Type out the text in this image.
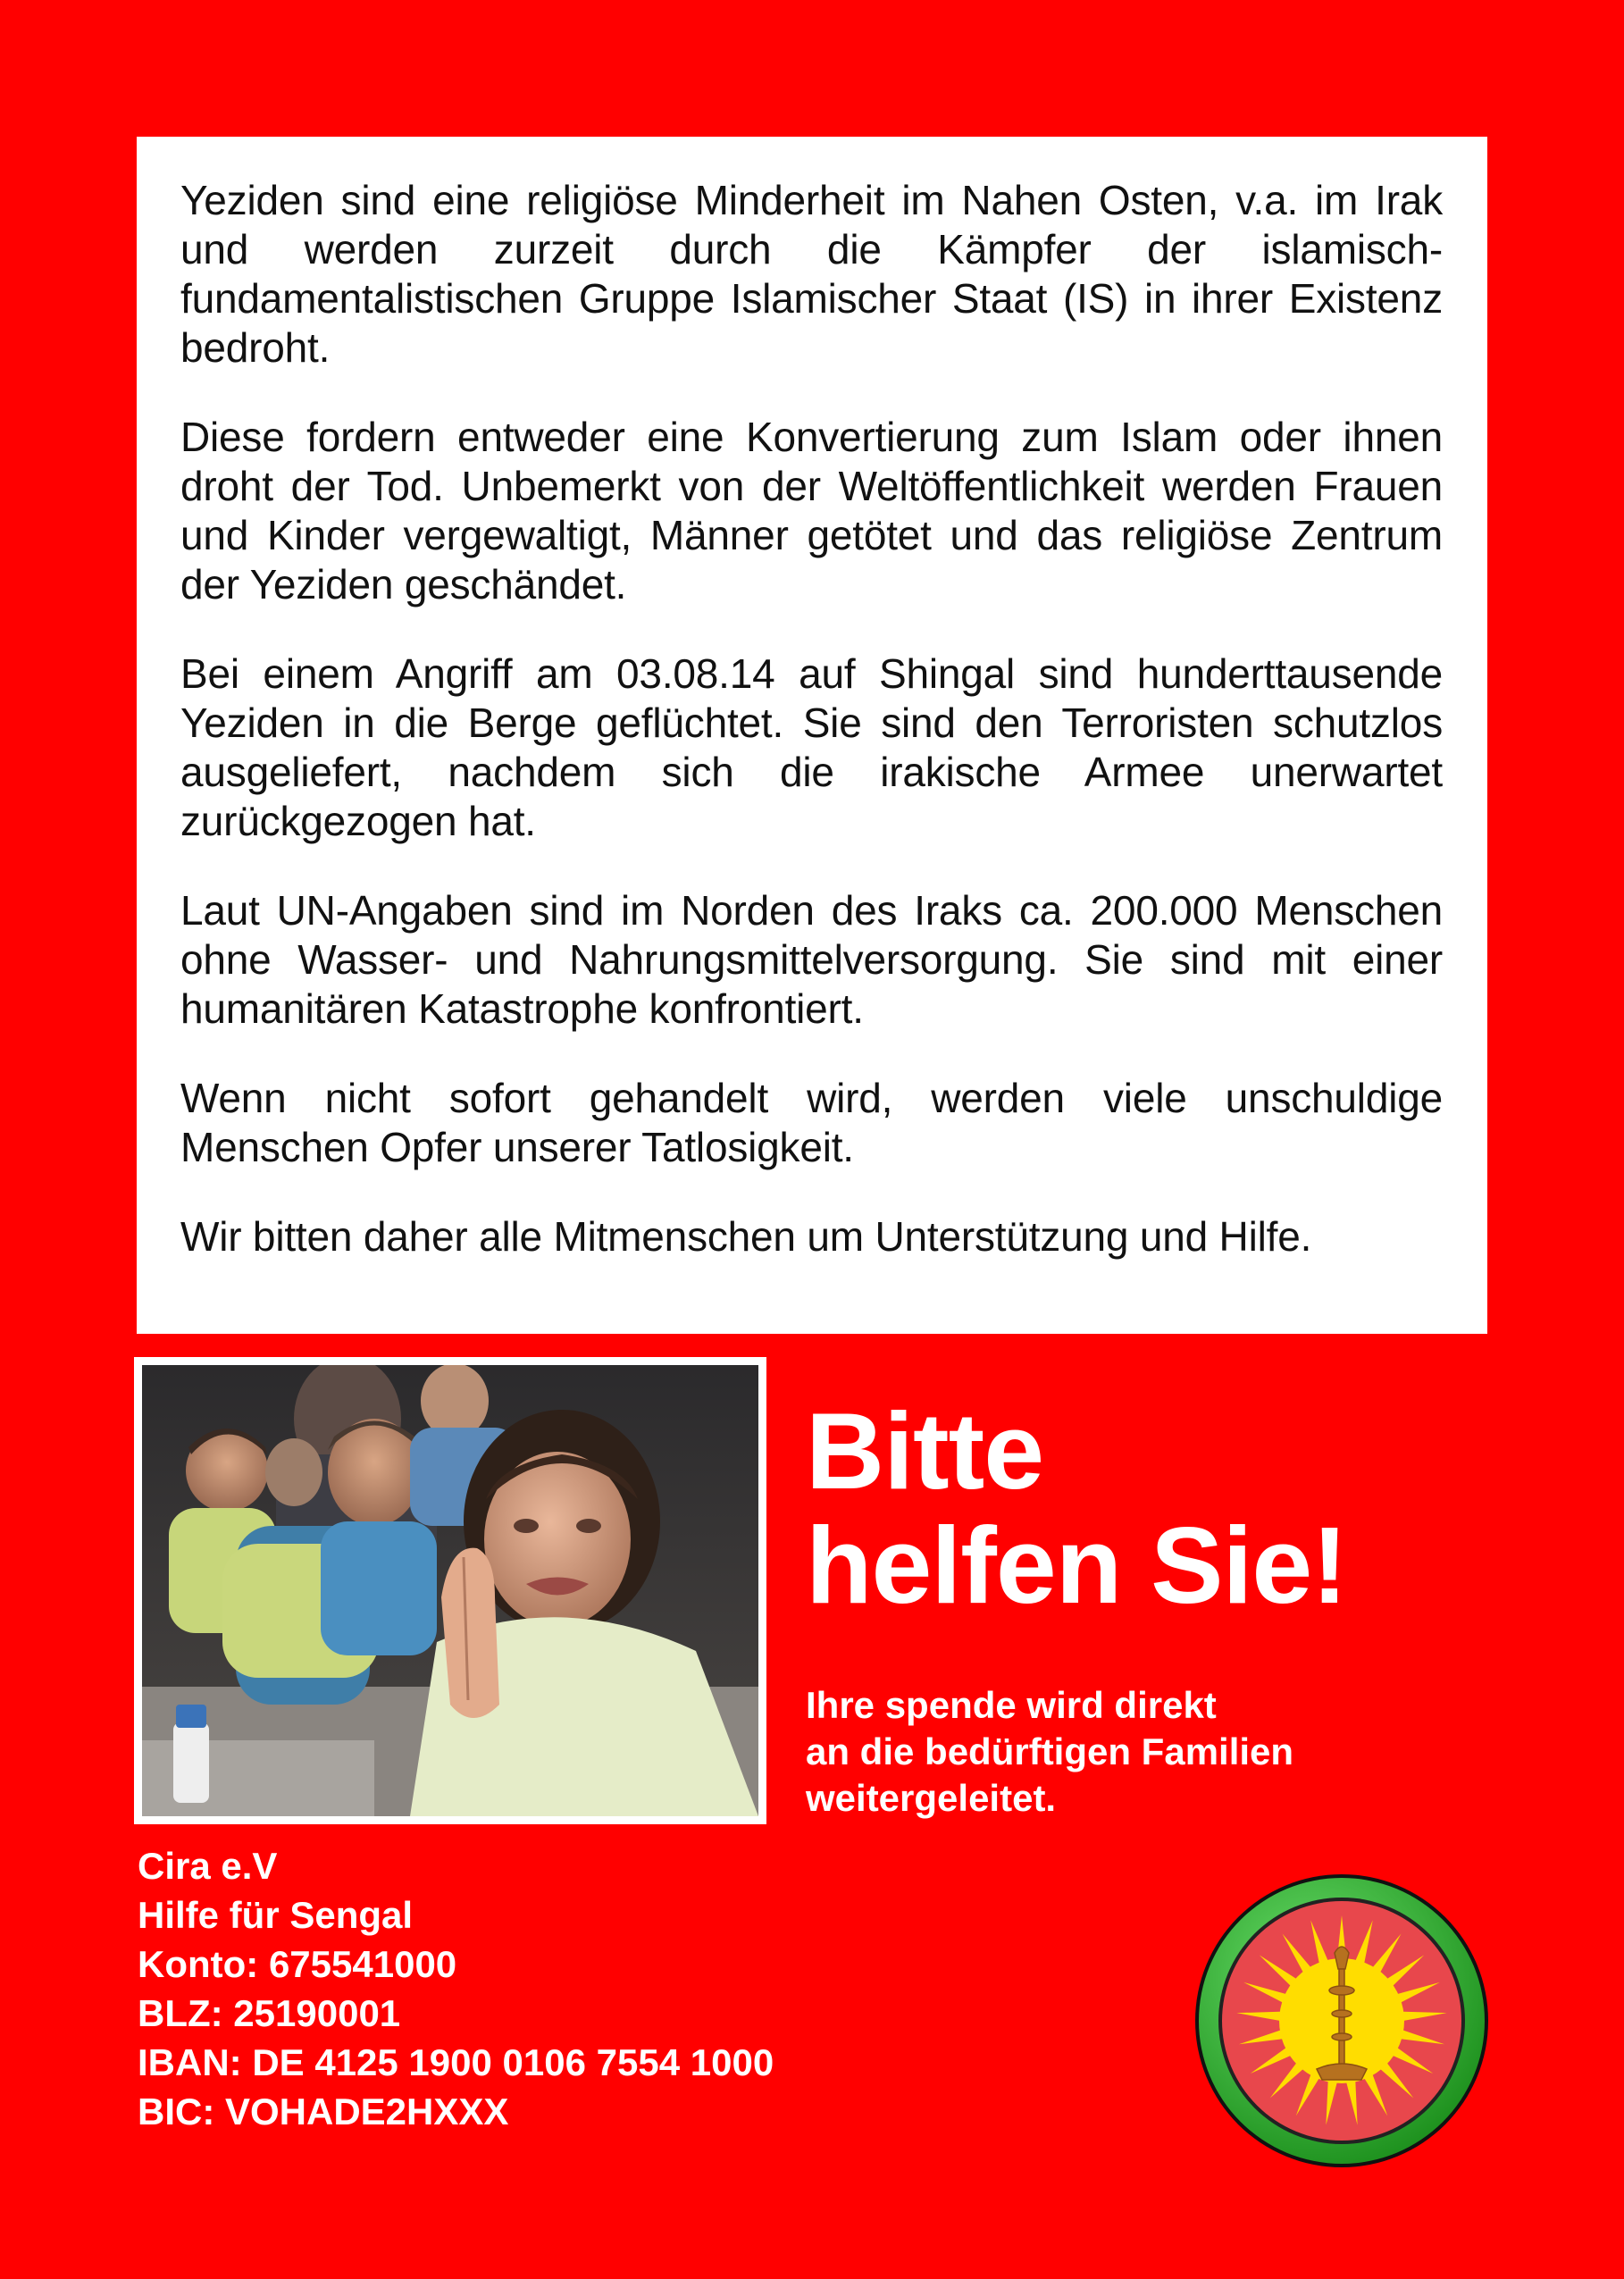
Yeziden sind eine religiöse Minderheit im Nahen Osten, v.a. im Irak und werden zurzeit durch die Kämpfer der islamisch-fundamentalistischen Gruppe Islamischer Staat (IS) in ihrer Existenz bedroht.

Diese fordern entweder eine Konvertierung zum Islam oder ihnen droht der Tod. Unbemerkt von der Weltöffentlichkeit werden Frauen und Kinder vergewaltigt, Männer getötet und das religiöse Zentrum der Yeziden geschändet.

Bei einem Angriff am 03.08.14 auf Shingal sind hunderttausende Yeziden in die Berge geflüchtet. Sie sind den Terroristen schutzlos ausgeliefert, nachdem sich die irakische Armee unerwartet zurückgezogen hat.

Laut UN-Angaben sind im Norden des Iraks ca. 200.000 Menschen ohne Wasser- und Nahrungsmittelversorgung. Sie sind mit einer humanitären Katastrophe konfrontiert.

Wenn nicht sofort gehandelt wird, werden viele unschuldige Menschen Opfer unserer Tatlosigkeit.

Wir bitten daher alle Mitmenschen um Unterstützung und Hilfe.

Bitte
helfen Sie!
Ihre spende wird direkt
an die bedürftigen Familien
weitergeleitet.
Cira e.V
Hilfe für Sengal
Konto: 675541000
BLZ: 25190001
IBAN: DE 4125 1900 0106 7554 1000
BIC: VOHADE2HXXX
